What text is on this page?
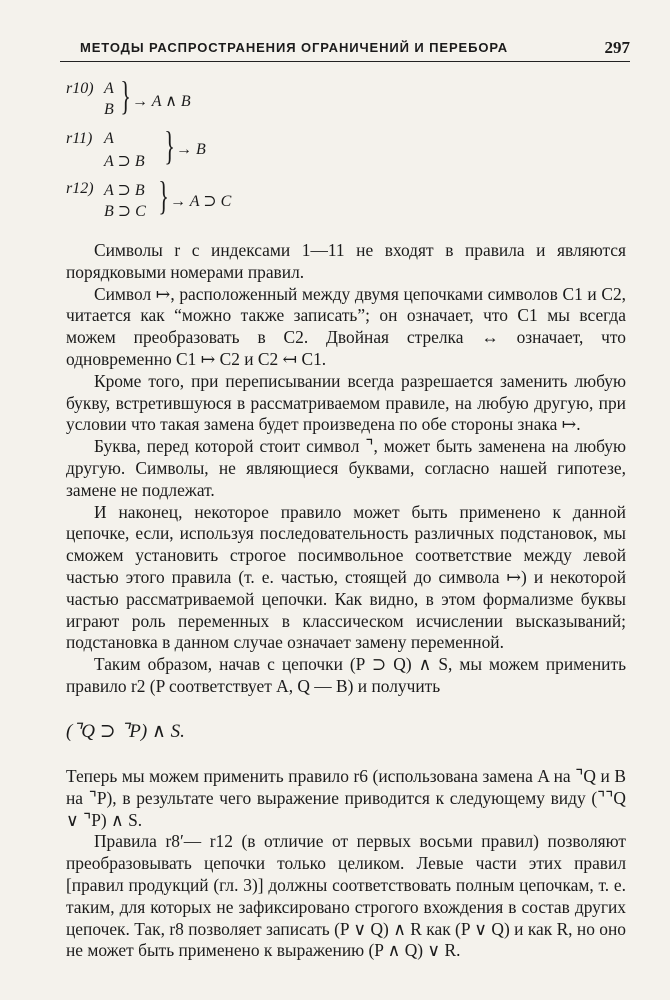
МЕТОДЫ РАСПРОСТРАНЕНИЯ ОГРАНИЧЕНИЙ И ПЕРЕБОРА	297
r10) A
B } → A ∧ B
r11) A
A ⊃ B } → B
r12) A ⊃ B
B ⊃ C } → A ⊃ C

Символы r с индексами 1—11 не входят в правила и являются порядковыми номерами правил.

Символ ↦, расположенный между двумя цепочками символов C1 и C2, читается как “можно также записать”; он означает, что C1 мы всегда можем преобразовать в C2. Двойная стрелка ↔ означает, что одновременно C1 ↦ C2 и C2 ↤ C1.

Кроме того, при переписывании всегда разрешается заменить любую букву, встретившуюся в рассматриваемом правиле, на любую другую, при условии что такая замена будет произведена по обе стороны знака ↦.

Буква, перед которой стоит символ ⌝, может быть заменена на любую другую. Символы, не являющиеся буквами, согласно нашей гипотезе, замене не подлежат.

И наконец, некоторое правило может быть применено к данной цепочке, если, используя последовательность различных подстановок, мы сможем установить строгое посимвольное соответствие между левой частью этого правила (т. е. частью, стоящей до символа ↦) и некоторой частью рассматриваемой цепочки. Как видно, в этом формализме буквы играют роль переменных в классическом исчислении высказываний; подстановка в данном случае означает замену переменной.

Таким образом, начав с цепочки (P ⊃ Q) ∧ S, мы можем применить правило r2 (P соответствует A, Q — B) и получить

(⌝Q ⊃ ⌝P) ∧ S.

Теперь мы можем применить правило r6 (использована замена A на ⌝Q и B на ⌝P), в результате чего выражение приводится к следующему виду (⌝⌝Q ∨ ⌝P) ∧ S.

Правила r8′— r12 (в отличие от первых восьми правил) позволяют преобразовывать цепочки только целиком. Левые части этих правил [правил продукций (гл. 3)] должны соответствовать полным цепочкам, т. е. таким, для которых не зафиксировано строгого вхождения в состав других цепочек. Так, r8 позволяет записать (P ∨ Q) ∧ R как (P ∨ Q) и как R, но оно не может быть применено к выражению (P ∧ Q) ∨ R.
